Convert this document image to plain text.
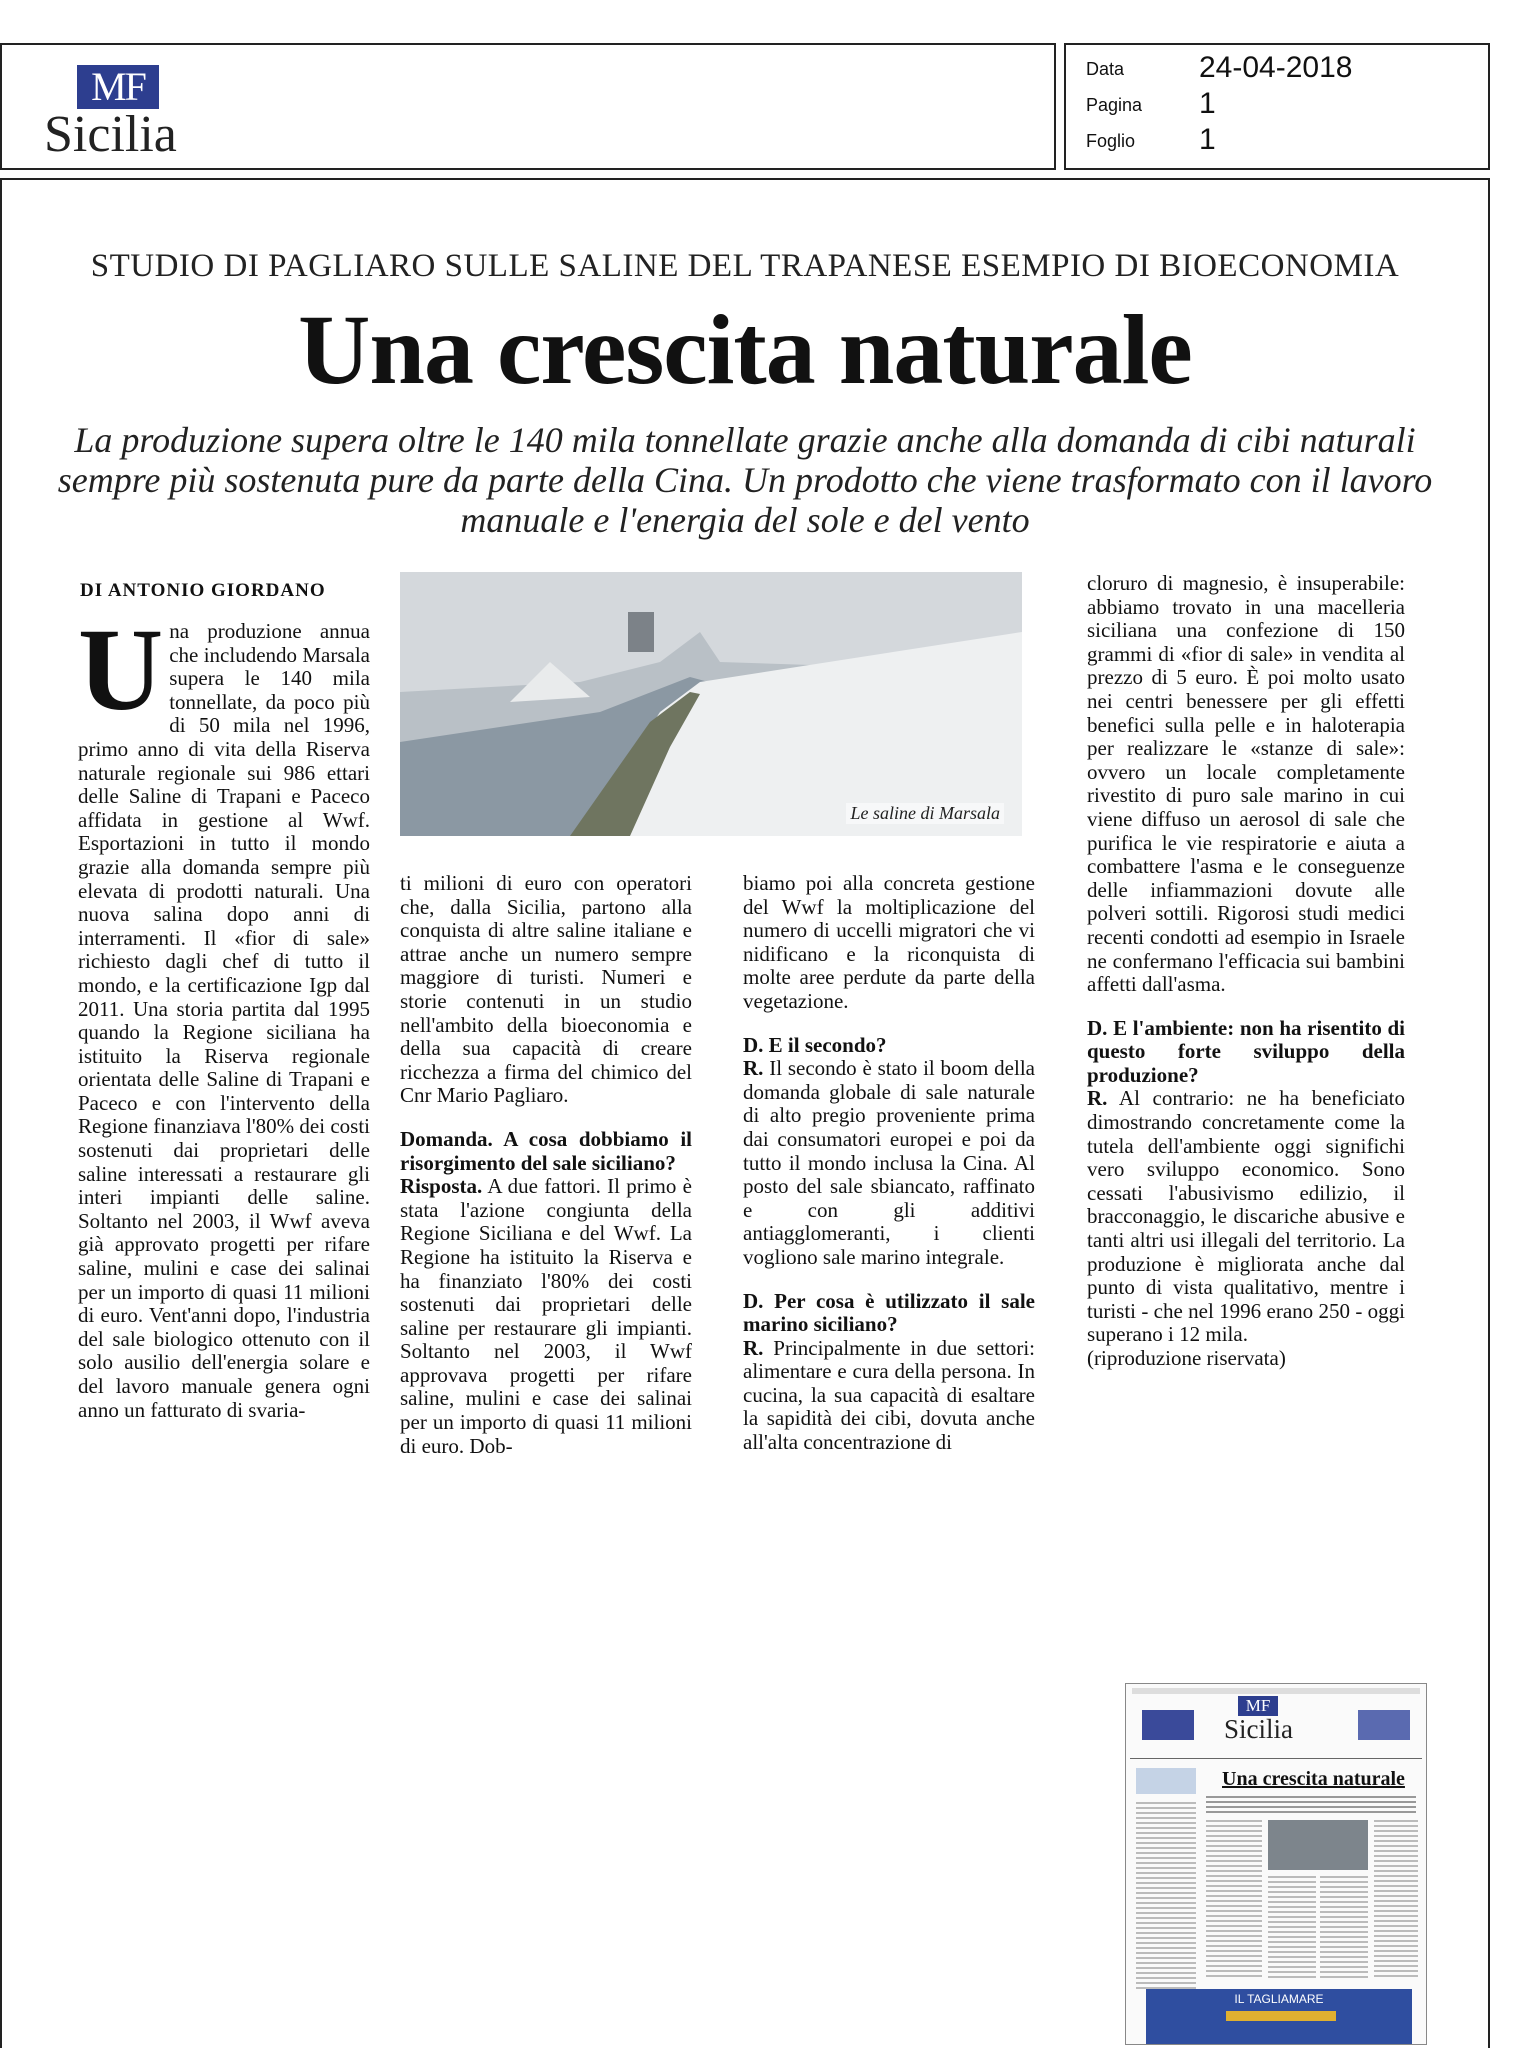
MF
Sicilia
Data 24-04-2018
Pagina 1
Foglio 1
STUDIO DI PAGLIARO SULLE SALINE DEL TRAPANESE ESEMPIO DI BIOECONOMIA
Una crescita naturale
La produzione supera oltre le 140 mila tonnellate grazie anche alla domanda di cibi naturali sempre più sostenuta pure da parte della Cina. Un prodotto che viene trasformato con il lavoro manuale e l'energia del sole e del vento
DI ANTONIO GIORDANO

Una produzione annua che includendo Marsala supera le 140 mila tonnellate, da poco più di 50 mila nel 1996, primo anno di vita della Riserva naturale regionale sui 986 ettari delle Saline di Trapani e Paceco affidata in gestione al Wwf. Esportazioni in tutto il mondo grazie alla domanda sempre più elevata di prodotti naturali. Una nuova salina dopo anni di interramenti. Il «fior di sale» richiesto dagli chef di tutto il mondo, e la certificazione Igp dal 2011. Una storia partita dal 1995 quando la Regione siciliana ha istituito la Riserva regionale orientata delle Saline di Trapani e Paceco e con l'intervento della Regione finanziava l'80% dei costi sostenuti dai proprietari delle saline interessati a restaurare gli interi impianti delle saline. Soltanto nel 2003, il Wwf aveva già approvato progetti per rifare saline, mulini e case dei salinai per un importo di quasi 11 milioni di euro. Vent'anni dopo, l'industria del sale biologico ottenuto con il solo ausilio dell'energia solare e del lavoro manuale genera ogni anno un fatturato di svaria-

Le saline di Marsala

ti milioni di euro con operatori che, dalla Sicilia, partono alla conquista di altre saline italiane e attrae anche un numero sempre maggiore di turisti. Numeri e storie contenuti in un studio nell'ambito della bioeconomia e della sua capacità di creare ricchezza a firma del chimico del Cnr Mario Pagliaro.

Domanda. A cosa dobbiamo il risorgimento del sale siciliano?

Risposta. A due fattori. Il primo è stata l'azione congiunta della Regione Siciliana e del Wwf. La Regione ha istituito la Riserva e ha finanziato l'80% dei costi sostenuti dai proprietari delle saline per restaurare gli impianti. Soltanto nel 2003, il Wwf approvava progetti per rifare saline, mulini e case dei salinai per un importo di quasi 11 milioni di euro. Dob-

biamo poi alla concreta gestione del Wwf la moltiplicazione del numero di uccelli migratori che vi nidificano e la riconquista di molte aree perdute da parte della vegetazione.

D. E il secondo?

R. Il secondo è stato il boom della domanda globale di sale naturale di alto pregio proveniente prima dai consumatori europei e poi da tutto il mondo inclusa la Cina. Al posto del sale sbiancato, raffinato e con gli additivi antiagglomeranti, i clienti vogliono sale marino integrale.

D. Per cosa è utilizzato il sale marino siciliano?

R. Principalmente in due settori: alimentare e cura della persona. In cucina, la sua capacità di esaltare la sapidità dei cibi, dovuta anche all'alta concentrazione di

cloruro di magnesio, è insuperabile: abbiamo trovato in una macelleria siciliana una confezione di 150 grammi di «fior di sale» in vendita al prezzo di 5 euro. È poi molto usato nei centri benessere per gli effetti benefici sulla pelle e in haloterapia per realizzare le «stanze di sale»: ovvero un locale completamente rivestito di puro sale marino in cui viene diffuso un aerosol di sale che purifica le vie respiratorie e aiuta a combattere l'asma e le conseguenze delle infiammazioni dovute alle polveri sottili. Rigorosi studi medici recenti condotti ad esempio in Israele ne confermano l'efficacia sui bambini affetti dall'asma.

D. E l'ambiente: non ha risentito di questo forte sviluppo della produzione?

R. Al contrario: ne ha beneficiato dimostrando concretamente come la tutela dell'ambiente oggi significhi vero sviluppo economico. Sono cessati l'abusivismo edilizio, il bracconaggio, le discariche abusive e tanti altri usi illegali del territorio. La produzione è migliorata anche dal punto di vista qualitativo, mentre i turisti - che nel 1996 erano 250 - oggi superano i 12 mila.

(riproduzione riservata)

MF
Sicilia
Una crescita naturale
IL TAGLIAMARE
